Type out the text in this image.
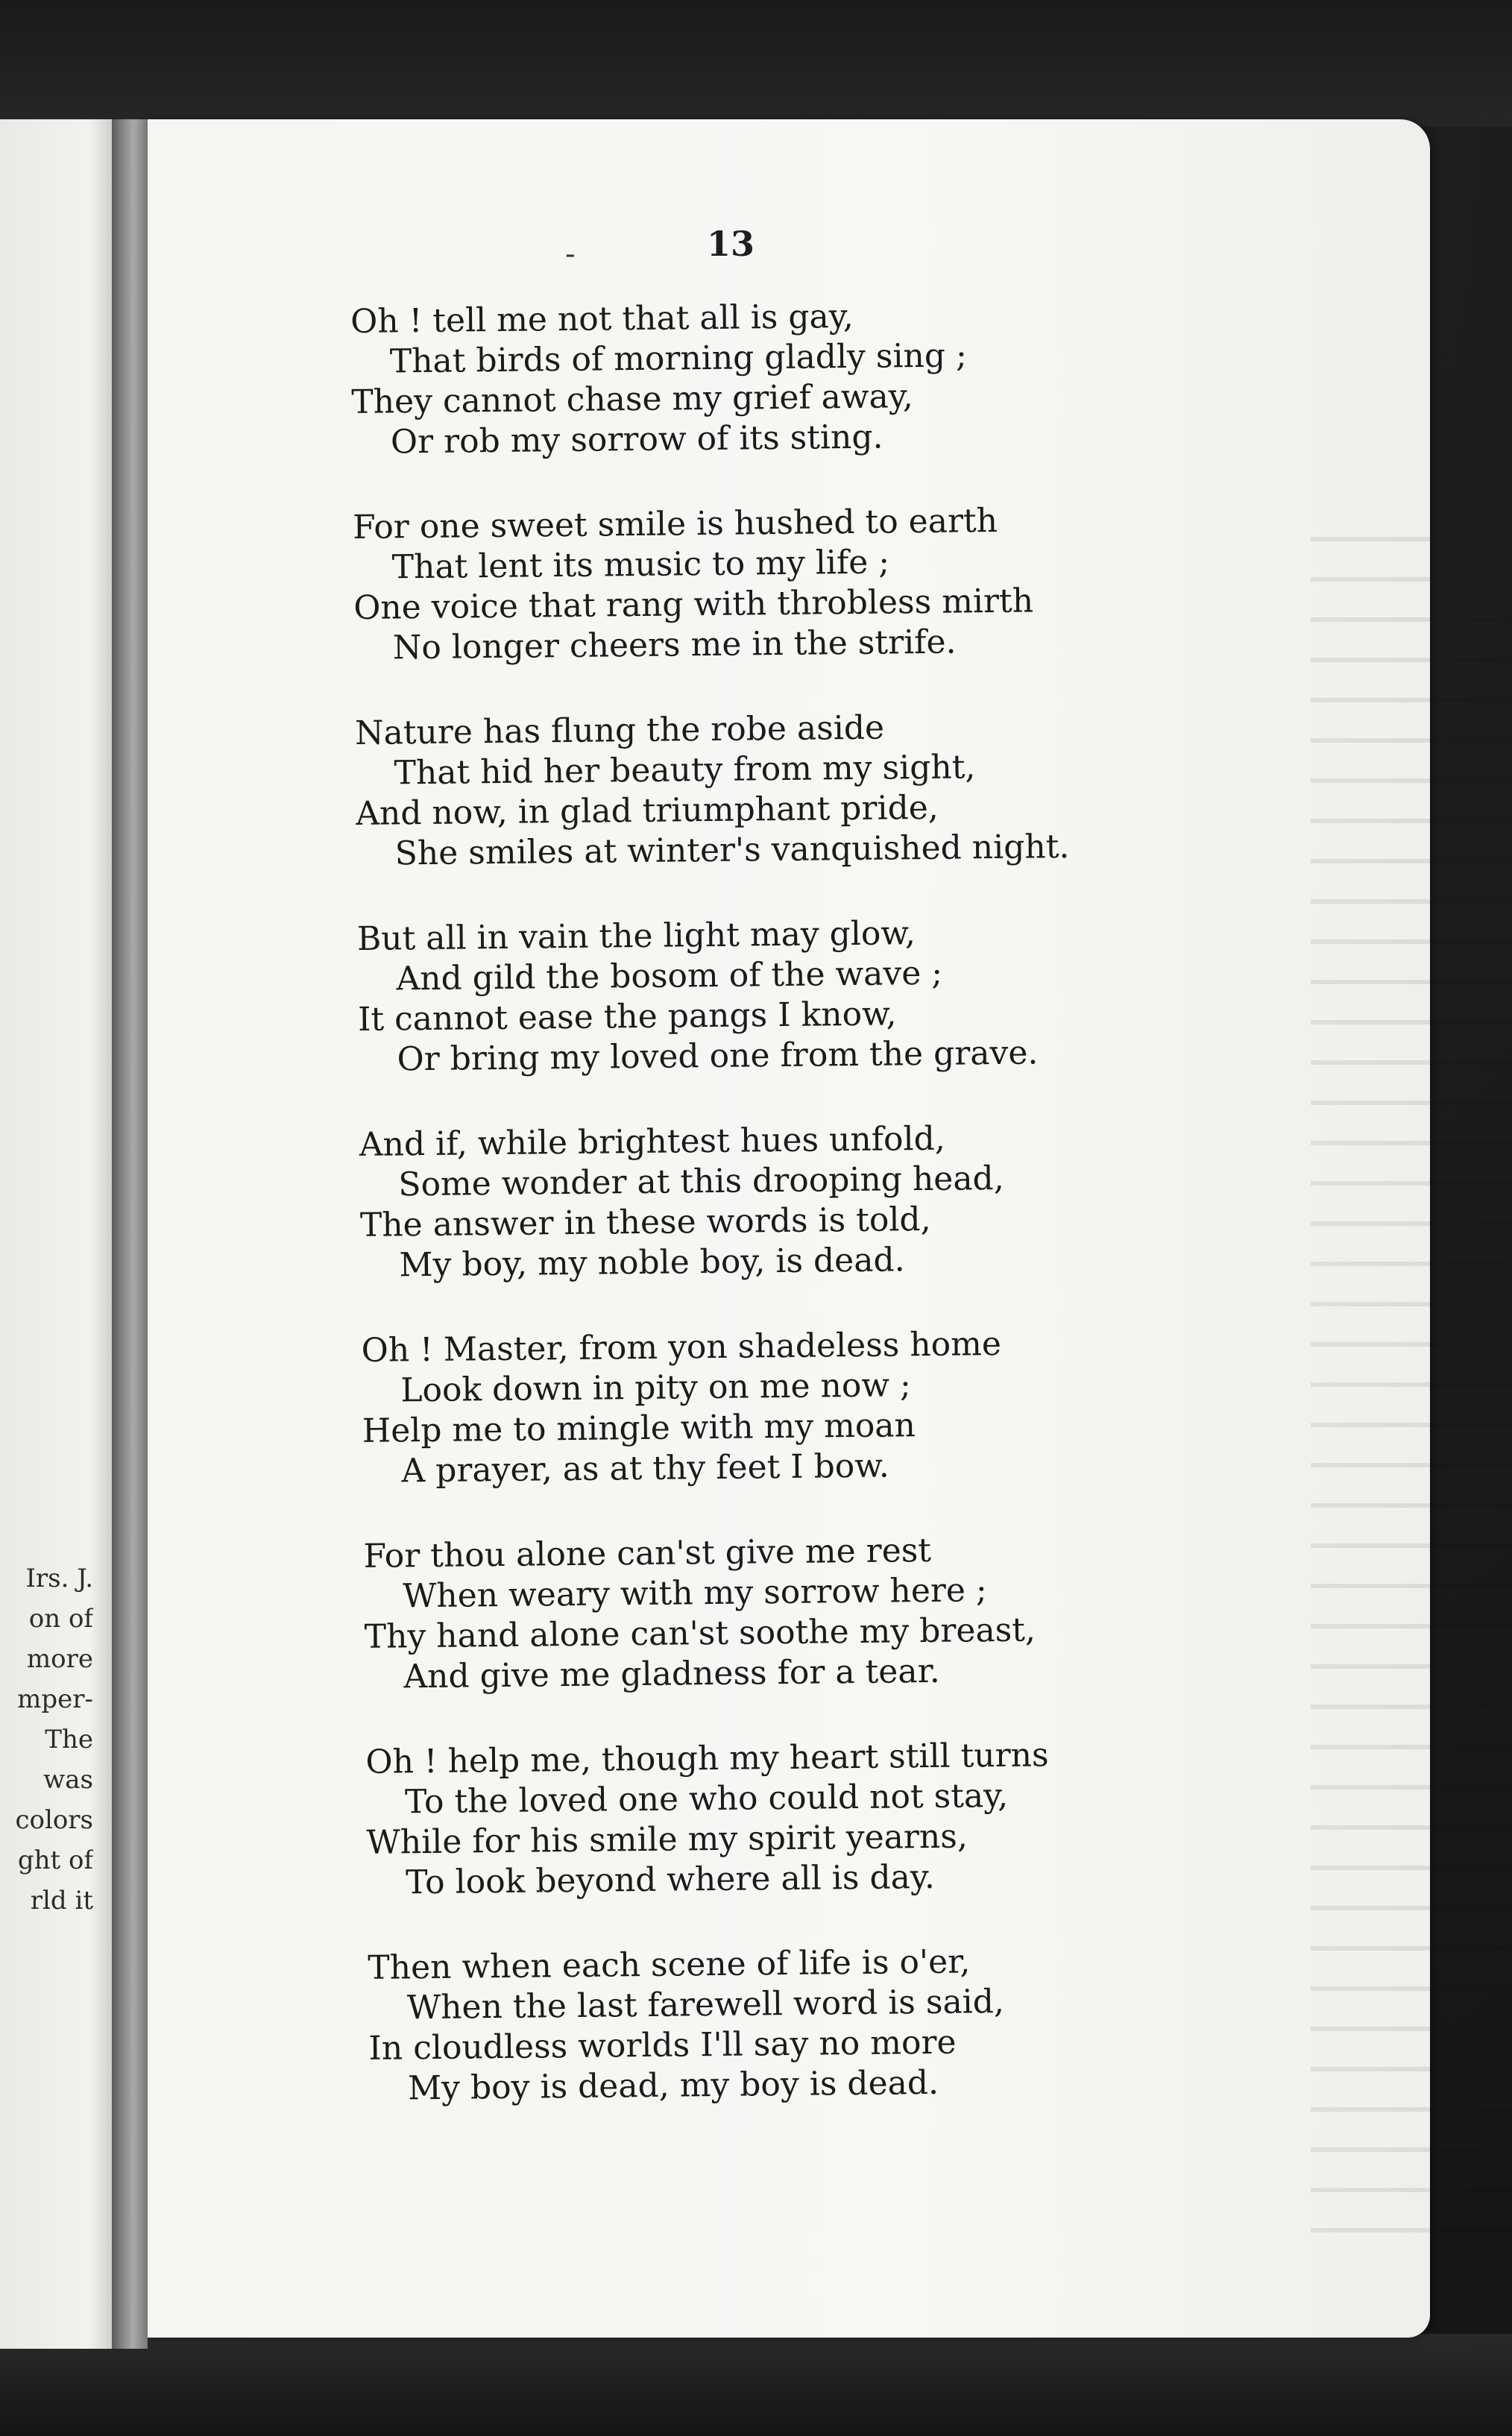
Irs. J.
on of
more
mper-
The
was
colors
ght of
rld it
-	13
Oh ! tell me not that all is gay,
That birds of morning gladly sing ;
They cannot chase my grief away,
Or rob my sorrow of its sting.
For one sweet smile is hushed to earth
That lent its music to my life ;
One voice that rang with throbless mirth
No longer cheers me in the strife.
Nature has flung the robe aside
That hid her beauty from my sight,
And now, in glad triumphant pride,
She smiles at winter's vanquished night.
But all in vain the light may glow,
And gild the bosom of the wave ;
It cannot ease the pangs I know,
Or bring my loved one from the grave.
And if, while brightest hues unfold,
Some wonder at this drooping head,
The answer in these words is told,
My boy, my noble boy, is dead.
Oh ! Master, from yon shadeless home
Look down in pity on me now ;
Help me to mingle with my moan
A prayer, as at thy feet I bow.
For thou alone can'st give me rest
When weary with my sorrow here ;
Thy hand alone can'st soothe my breast,
And give me gladness for a tear.
Oh ! help me, though my heart still turns
To the loved one who could not stay,
While for his smile my spirit yearns,
To look beyond where all is day.
Then when each scene of life is o'er,
When the last farewell word is said,
In cloudless worlds I'll say no more
My boy is dead, my boy is dead.
